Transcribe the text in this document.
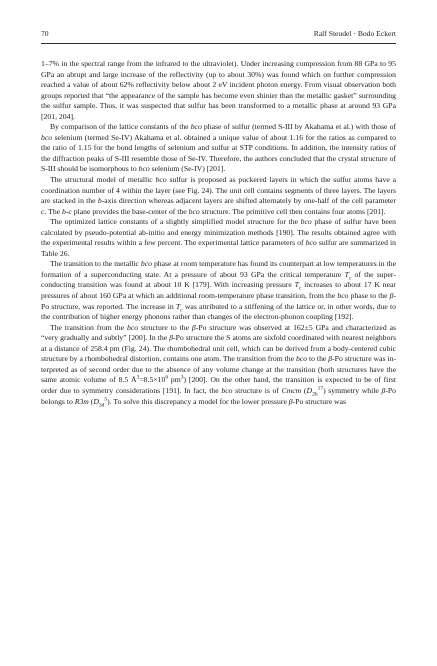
70	Ralf Steudel · Bodo Eckert

1–7% in the spectral range from the infrared to the ultraviolet). Under increasing compression from 88 GPa to 95 GPa an abrupt and large increase of the reflectivity (up to about 30%) was found which on further compression reached a value of about 62% reflectivity below about 2 eV incident photon energy. From visual observation both groups reported that “the appearance of the sample has become even shinier than the metallic gasket” surrounding the sulfur sample. Thus, it was suspected that sulfur has been transformed to a metallic phase at around 93 GPa [201, 204].

By comparison of the lattice constants of the bco phase of sulfur (termed S-III by Akahama et al.) with those of bco selenium (termed Se-IV) Akahama et al. obtained a unique value of about 1.16 for the ratios as compared to the ratio of 1.15 for the bond lengths of selenium and sulfur at STP conditions. In addition, the intensity ratios of the diffraction peaks of S-III resemble those of Se-IV. Therefore, the authors concluded that the crystal structure of S-III should be isomorphous to bco selenium (Se-IV) [201].

The structural model of metallic bco sulfur is proposed as puckered layers in which the sulfur atoms have a coordination number of 4 within the layer (see Fig. 24). The unit cell contains segments of three layers. The layers are stacked in the b-axis direction whereas adjacent layers are shifted alternately by one-half of the cell parameter c. The b-c plane provides the base-center of the bco structure. The primitive cell then contains four atoms [201].

The optimized lattice constants of a slightly simplified model structure for the bco phase of sulfur have been calculated by pseudo-potential ab-initio and energy minimization methods [190]. The results obtained agree with the experimental results within a few percent. The experimental lattice parameters of bco sulfur are summarized in Table 26.

The transition to the metallic bco phase at room temperature has found its counterpart at low temperatures in the formation of a superconducting state. At a pressure of about 93 GPa the critical temperature $T_c$ of the superconducting transition was found at about 10 K [179]. With increasing pressure $T_c$ increases to about 17 K near pressures of about 160 GPa at which an additional room-temperature phase transition, from the bco phase to the β-Po structure, was reported. The increase in $T_c$ was attributed to a stiffening of the lattice or, in other words, due to the contribution of higher energy phonons rather than changes of the electron-phonon coupling [192].

The transition from the bco structure to the β-Po structure was observed at 162±5 GPa and characterized as “very gradually and subtly” [200]. In the β-Po structure the S atoms are sixfold coordinated with nearest neighbors at a distance of 258.4 pm (Fig. 24). The rhombohedral unit cell, which can be derived from a body-centered cubic structure by a rhombohedral distortion, contains one atom. The transition from the bco to the β-Po structure was interpreted as of second order due to the absence of any volume change at the transition (both structures have the same atomic volume of 8.5 $Å^3=8.5\times 10^6$ $pm^3$) [200]. On the other hand, the transition is expected to be of first order due to symmetry considerations [191]. In fact, the bco structure is of Cmcm $(D_{2h}^{17})$ symmetry while β-Po belongs to R3m $(D_{3d}^5)$. To solve this discrepancy a model for the lower pressure β-Po structure was
